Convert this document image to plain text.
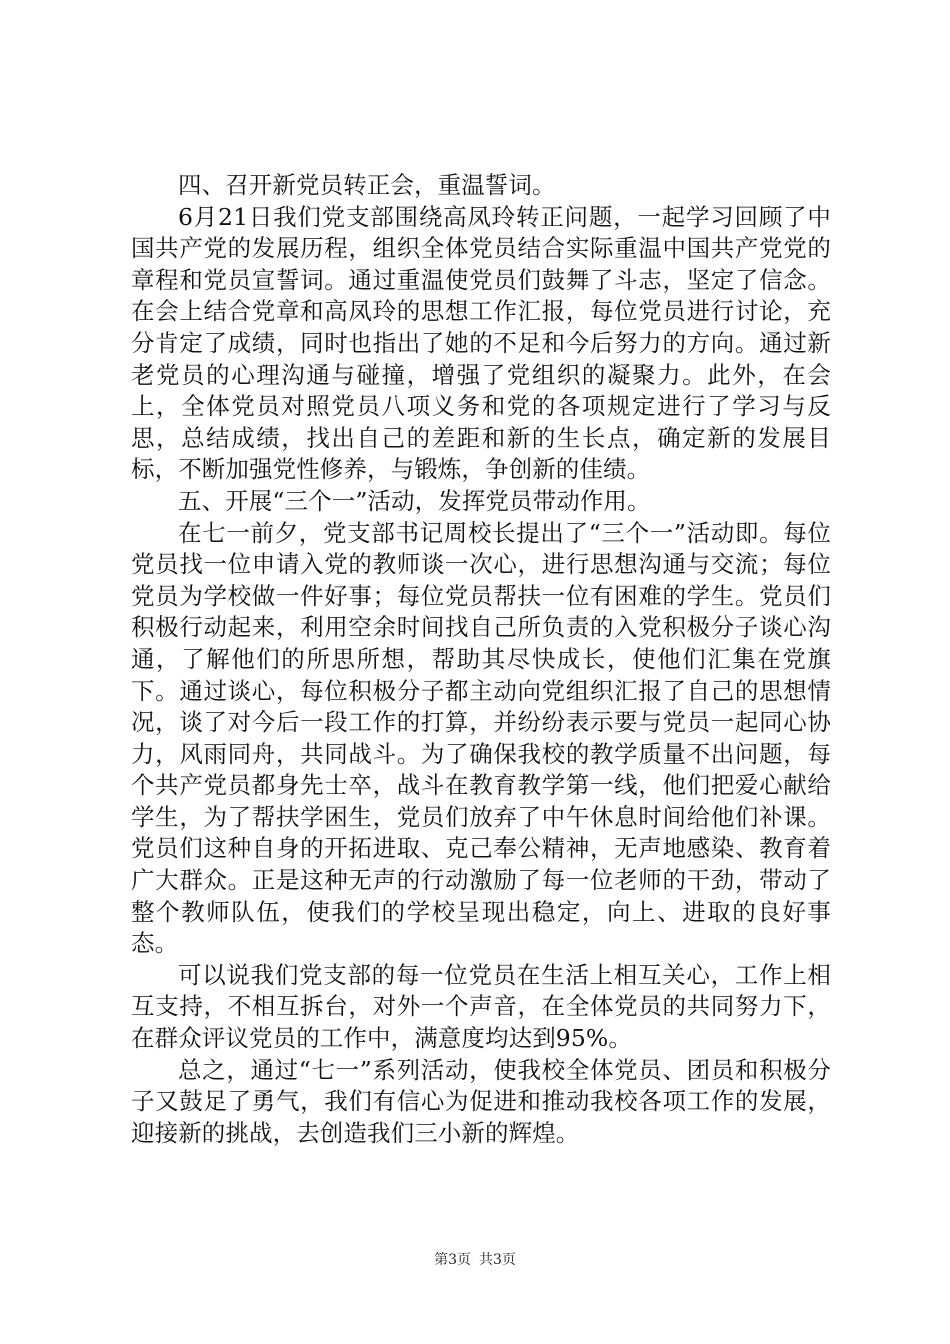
四、召开新党员转正会，重温誓词。

6月21日我们党支部围绕高凤玲转正问题，一起学习回顾了中国共产党的发展历程，组织全体党员结合实际重温中国共产党党的章程和党员宣誓词。通过重温使党员们鼓舞了斗志，坚定了信念。在会上结合党章和高凤玲的思想工作汇报，每位党员进行讨论，充分肯定了成绩，同时也指出了她的不足和今后努力的方向。通过新老党员的心理沟通与碰撞，增强了党组织的凝聚力。此外，在会上，全体党员对照党员八项义务和党的各项规定进行了学习与反思，总结成绩，找出自己的差距和新的生长点，确定新的发展目标，不断加强党性修养，与锻炼，争创新的佳绩。

五、开展“三个一”活动，发挥党员带动作用。

在七一前夕，党支部书记周校长提出了“三个一”活动即。每位党员找一位申请入党的教师谈一次心，进行思想沟通与交流；每位党员为学校做一件好事；每位党员帮扶一位有困难的学生。党员们积极行动起来，利用空余时间找自己所负责的入党积极分子谈心沟通，了解他们的所思所想，帮助其尽快成长，使他们汇集在党旗下。通过谈心，每位积极分子都主动向党组织汇报了自己的思想情况，谈了对今后一段工作的打算，并纷纷表示要与党员一起同心协力，风雨同舟，共同战斗。为了确保我校的教学质量不出问题，每个共产党员都身先士卒，战斗在教育教学第一线，他们把爱心献给学生，为了帮扶学困生，党员们放弃了中午休息时间给他们补课。党员们这种自身的开拓进取、克己奉公精神，无声地感染、教育着广大群众。正是这种无声的行动激励了每一位老师的干劲，带动了整个教师队伍，使我们的学校呈现出稳定，向上、进取的良好事态。

可以说我们党支部的每一位党员在生活上相互关心，工作上相互支持，不相互拆台，对外一个声音，在全体党员的共同努力下，在群众评议党员的工作中，满意度均达到95%。

总之，通过“七一”系列活动，使我校全体党员、团员和积极分子又鼓足了勇气，我们有信心为促进和推动我校各项工作的发展，迎接新的挑战，去创造我们三小新的辉煌。

第3页 共3页
